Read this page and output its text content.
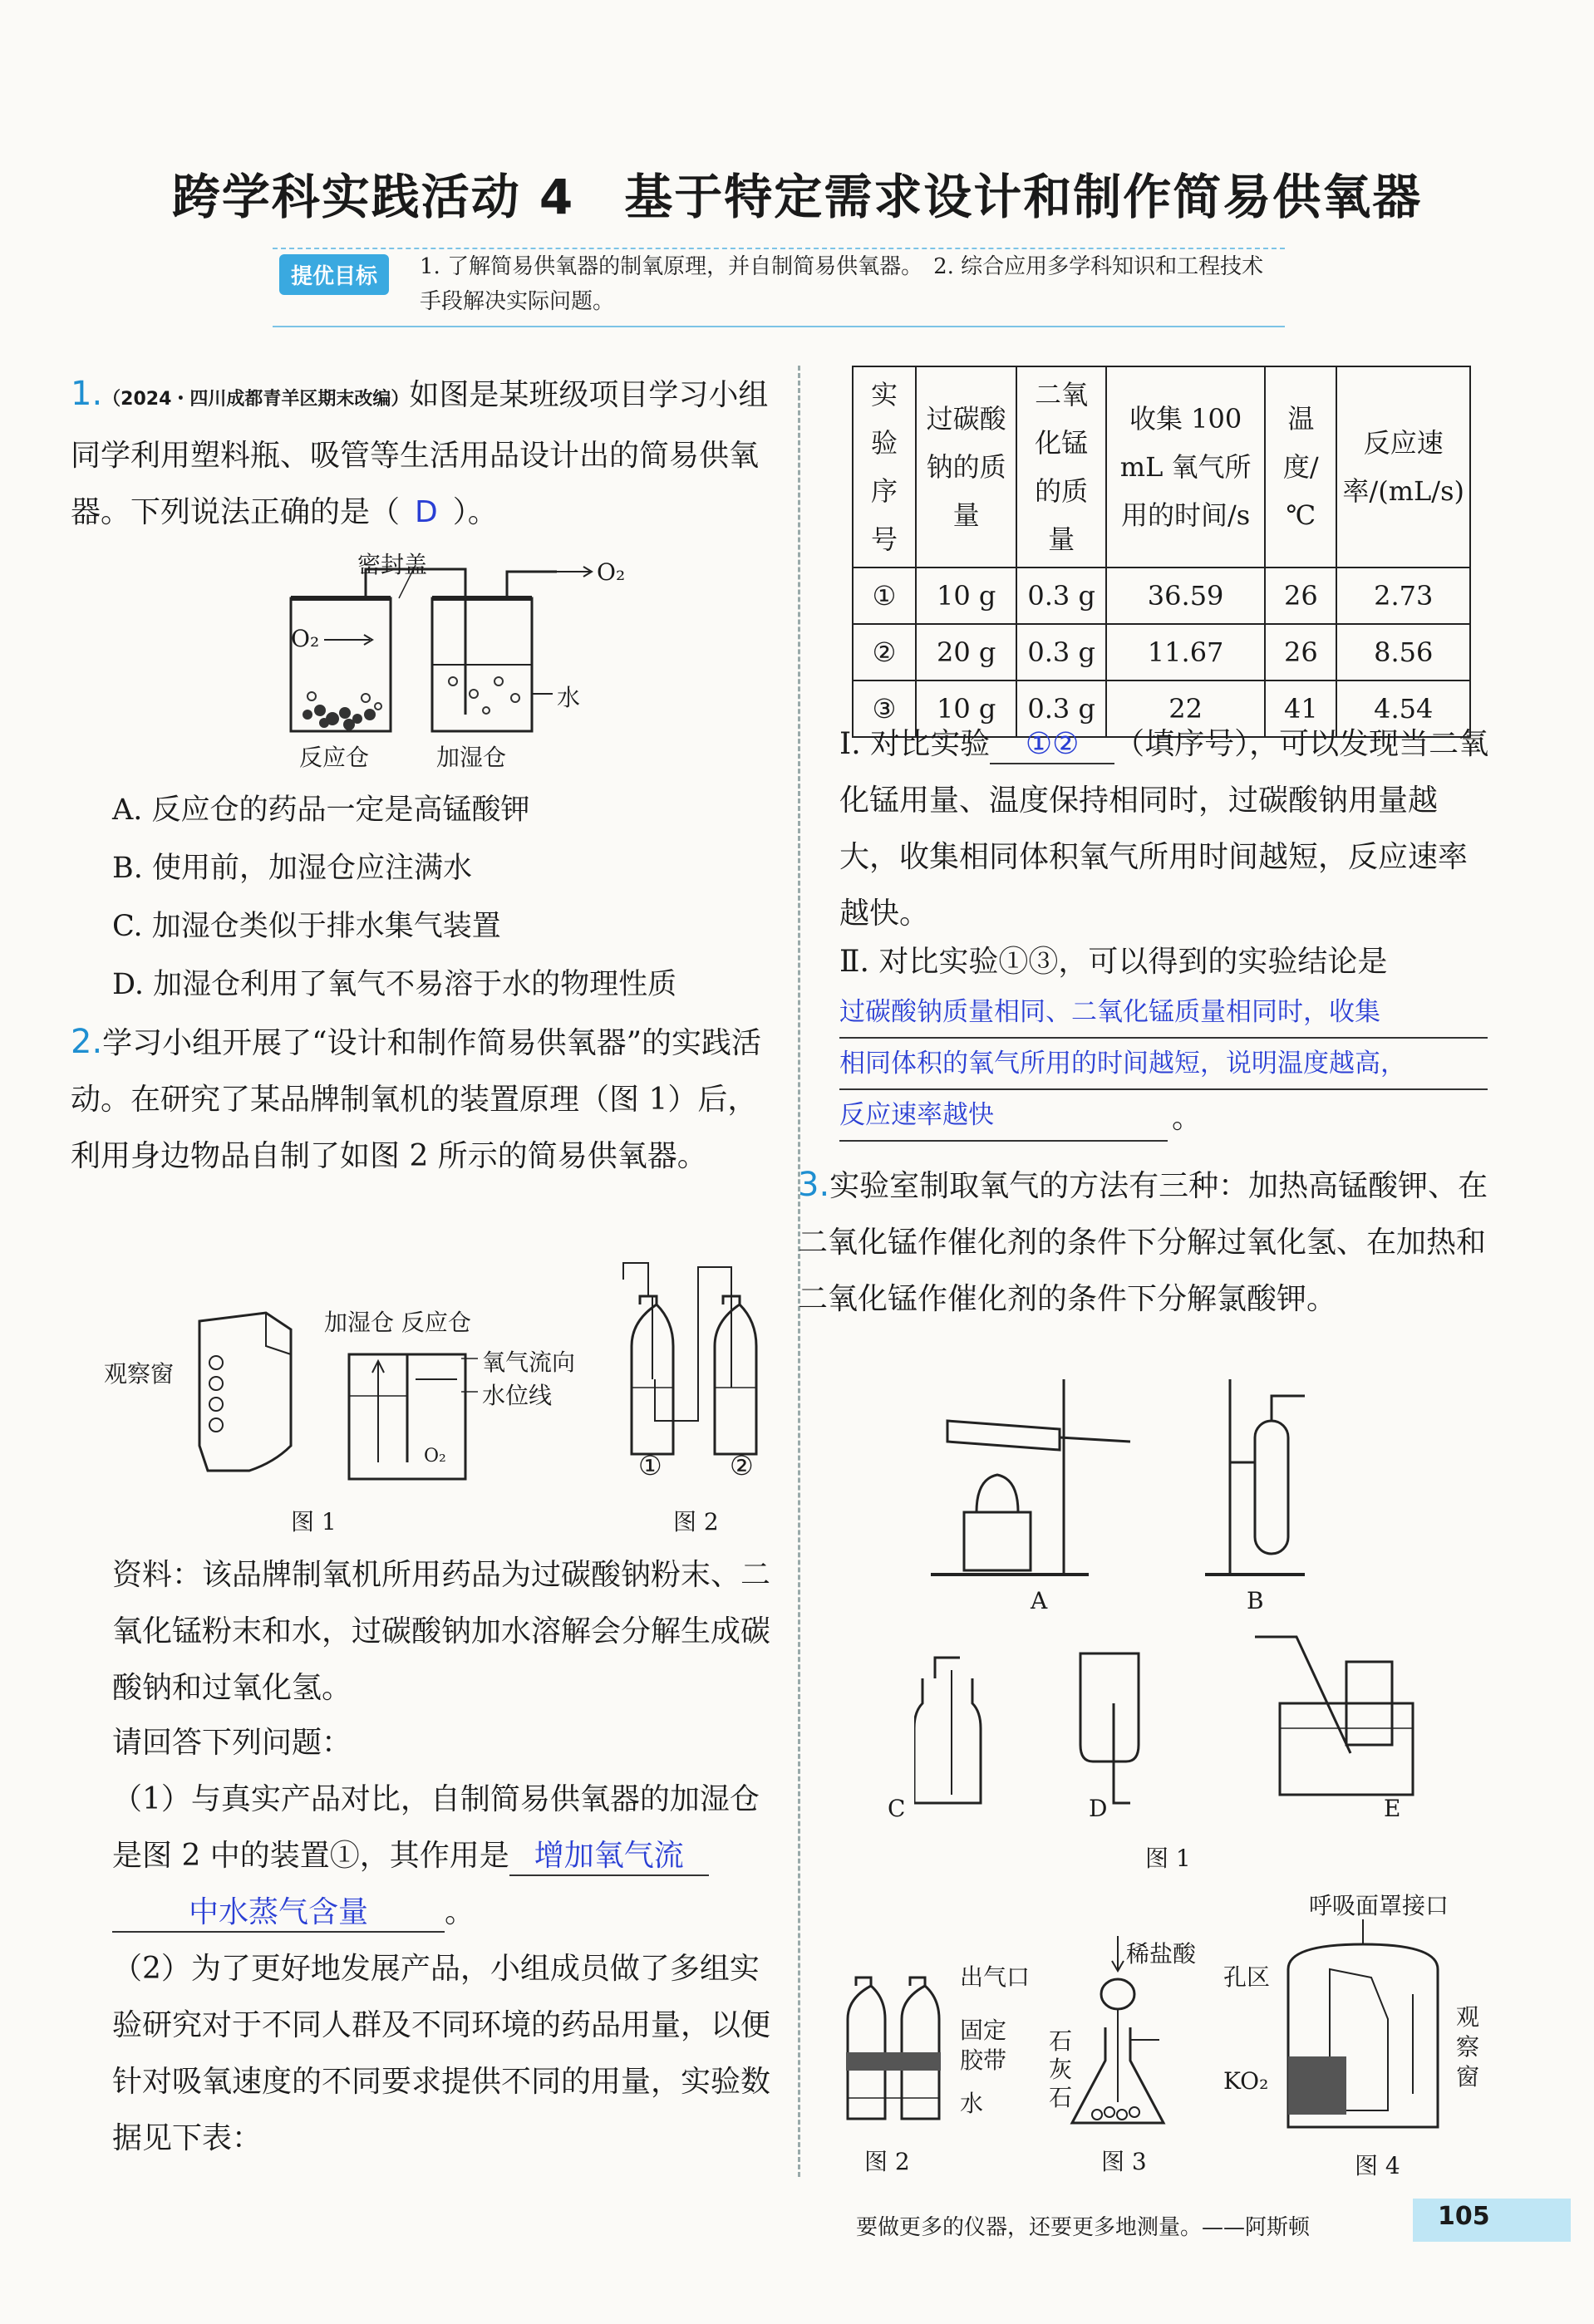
跨学科实践活动 4　基于特定需求设计和制作简易供氧器
提优目标	1. 了解简易供氧器的制氧原理，并自制简易供氧器。　2. 综合应用多学科知识和工程技术手段解决实际问题。
1.（2024・四川成都青羊区期末改编）如图是某班级项目学习小组同学利用塑料瓶、吸管等生活用品设计出的简易供氧器。下列说法正确的是（ D ）。
密封盖	O₂
O₂
水
反应仓	加湿仓
A. 反应仓的药品一定是高锰酸钾
B. 使用前，加湿仓应注满水
C. 加湿仓类似于排水集气装置
D. 加湿仓利用了氧气不易溶于水的物理性质
2.学习小组开展了“设计和制作简易供氧器”的实践活动。在研究了某品牌制氧机的装置原理（图 1）后，利用身边物品自制了如图 2 所示的简易供氧器。
加湿仓 反应仓
观察窗	氧气流向
水位线
O₂	①	②
图 1	图 2
资料：该品牌制氧机所用药品为过碳酸钠粉末、二氧化锰粉末和水，过碳酸钠加水溶解会分解生成碳酸钠和过氧化氢。
请回答下列问题：
（1）与真实产品对比，自制简易供氧器的加湿仓是图 2 中的装置①，其作用是 增加氧气流
中水蒸气含量	。
（2）为了更好地发展产品，小组成员做了多组实验研究对于不同人群及不同环境的药品用量，以便针对吸氧速度的不同要求提供不同的用量，实验数据见下表：
实验序号	过碳酸钠的质量	二氧化锰的质量	收集 100 mL 氧气所用的时间/s	温度/℃	反应速率/(mL/s)
①	10 g	0.3 g	36.59	26	2.73
②	20 g	0.3 g	11.67	26	8.56
③	10 g	0.3 g	22	41	4.54
Ⅰ. 对比实验 ①② （填序号），可以发现当二氧化锰用量、温度保持相同时，过碳酸钠用量越大，收集相同体积氧气所用时间越短，反应速率越快。
Ⅱ. 对比实验①③，可以得到的实验结论是
过碳酸钠质量相同、二氧化锰质量相同时，收集
相同体积的氧气所用的时间越短，说明温度越高，
反应速率越快	。
3.实验室制取氧气的方法有三种：加热高锰酸钾、在二氧化锰作催化剂的条件下分解过氧化氢、在加热和二氧化锰作催化剂的条件下分解氯酸钾。
A	B
C	D	E
图 1
出气口
固定胶带
水
图 2
稀盐酸
石灰石
图 3
呼吸面罩接口
孔区
KO₂
观察窗
图 4
要做更多的仪器，还要更多地测量。——阿斯顿	105
